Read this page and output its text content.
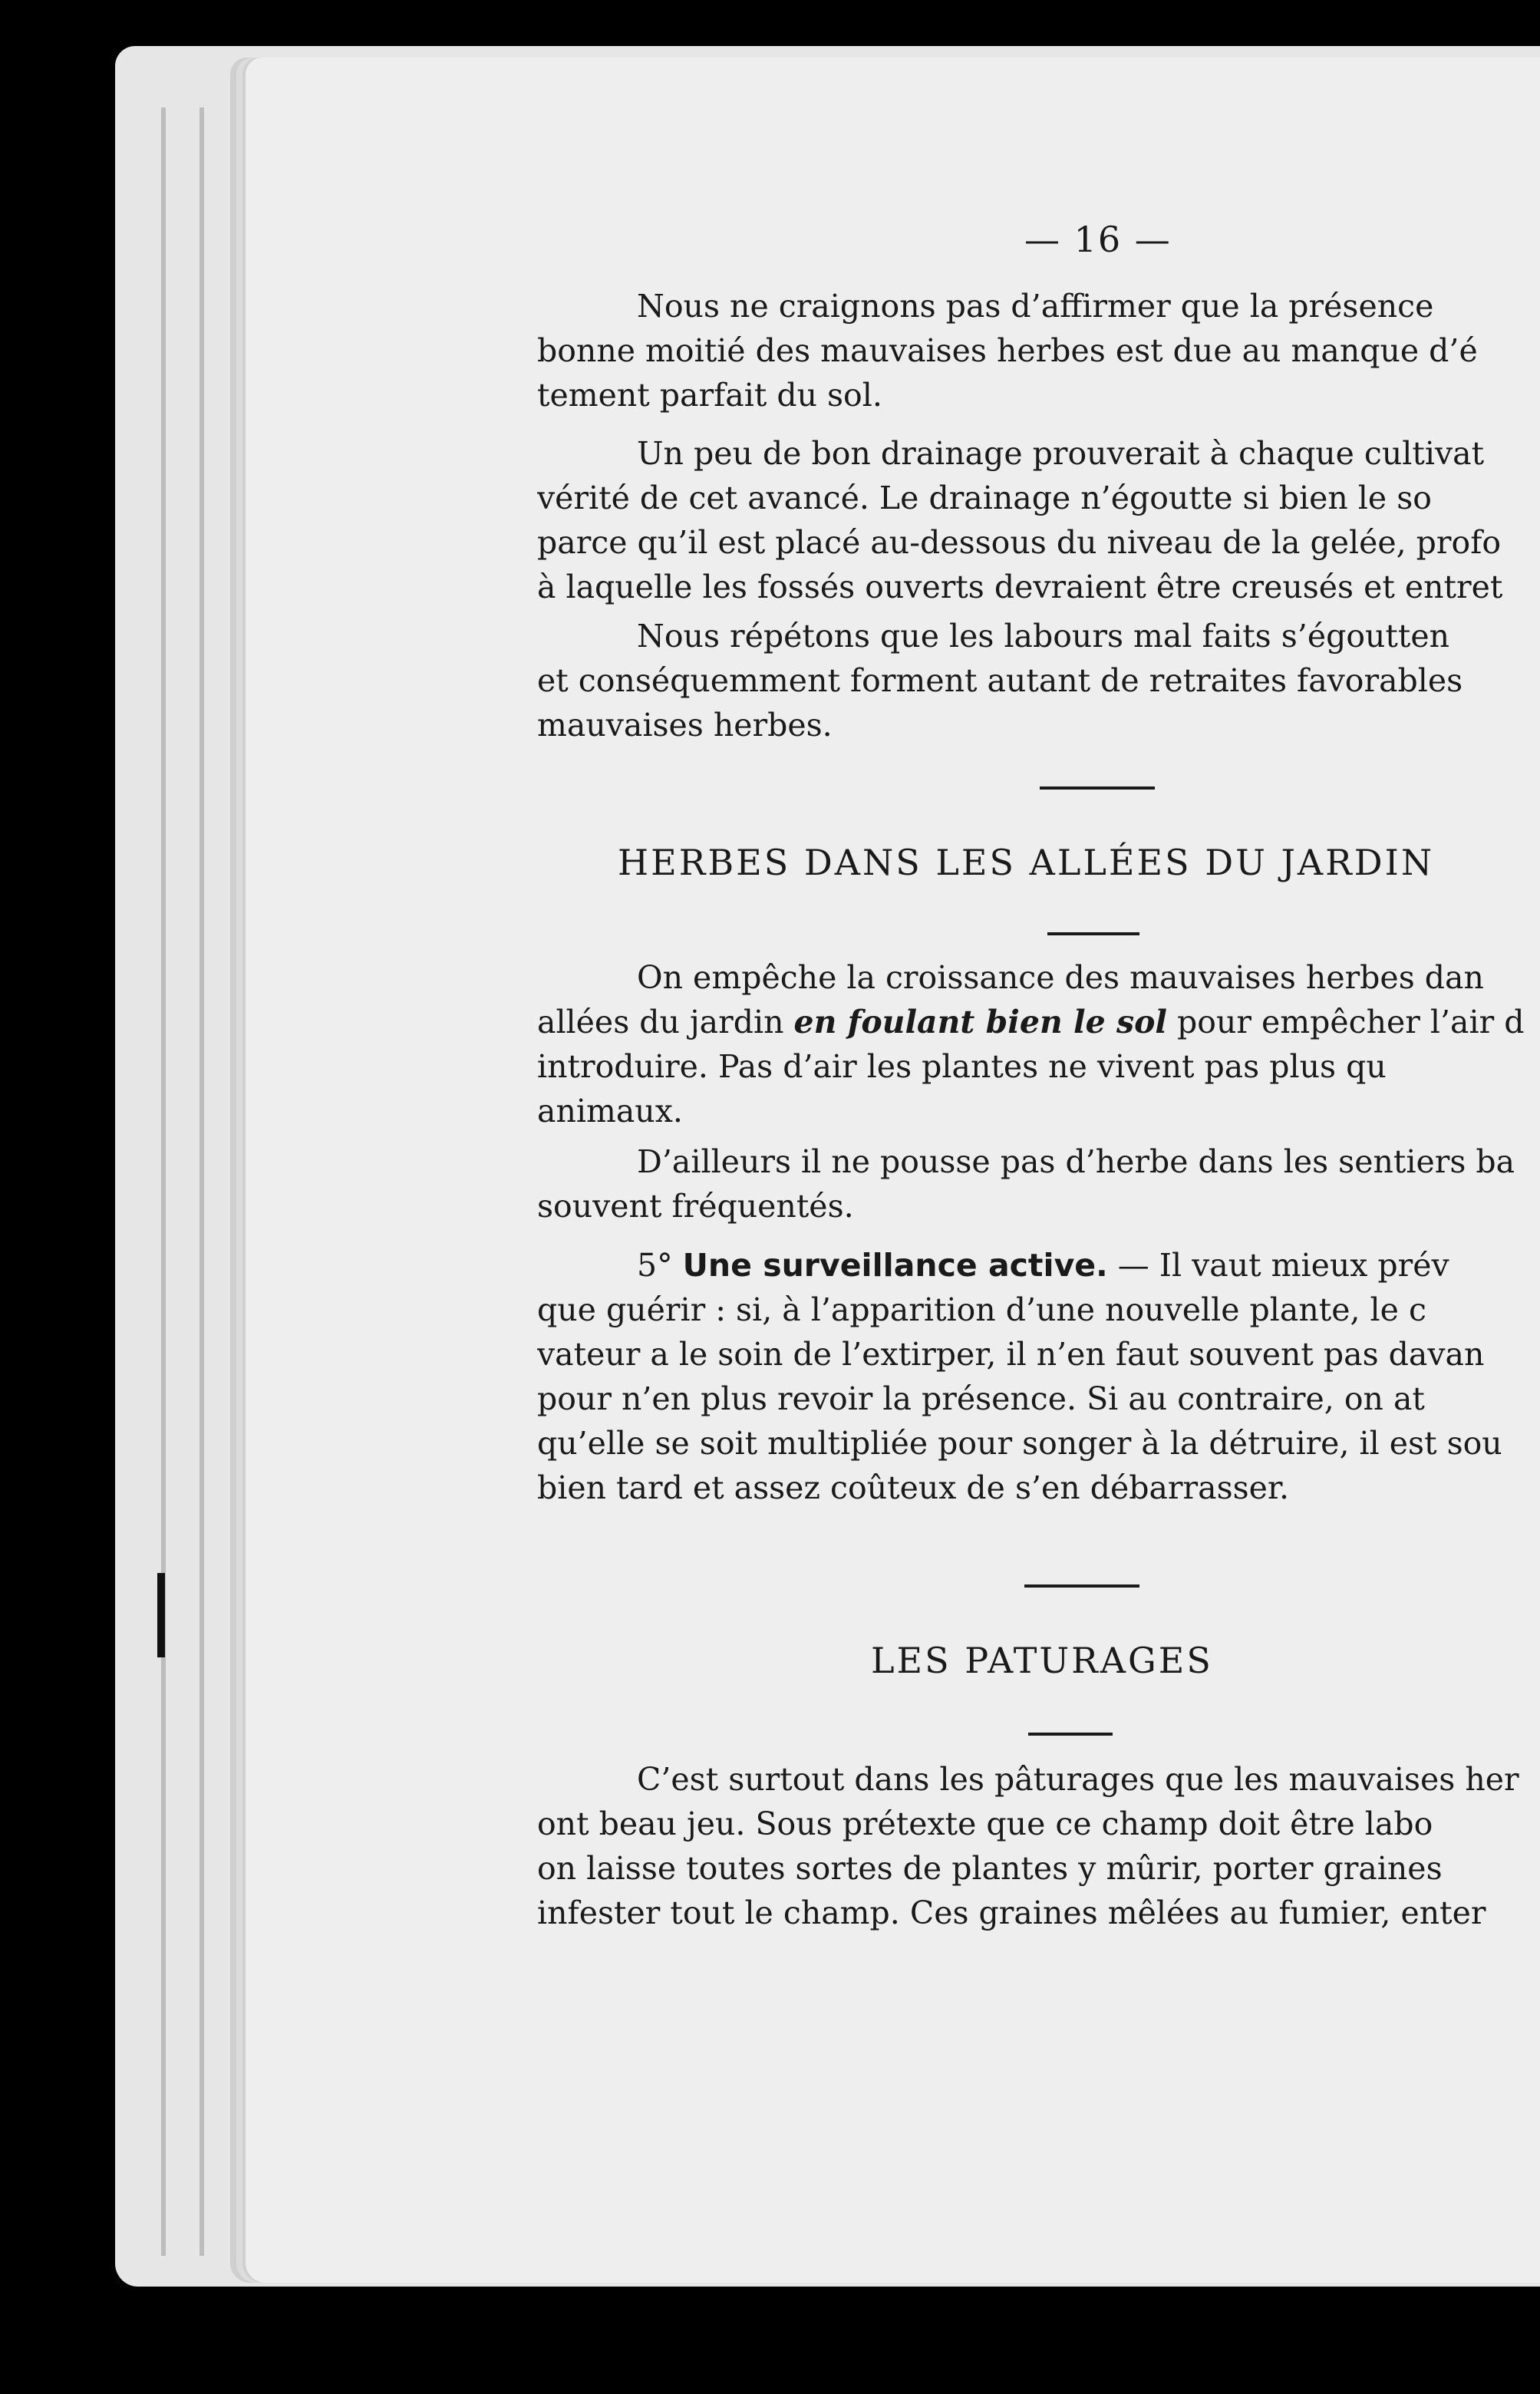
— 16 —

Nous ne craignons pas d’affirmer que la présence

bonne moitié des mauvaises herbes est due au manque d’é

tement parfait du sol.

Un peu de bon drainage prouverait à chaque cultivat

vérité de cet avancé. Le drainage n’égoutte si bien le so

parce qu’il est placé au-dessous du niveau de la gelée, profo

à laquelle les fossés ouverts devraient être creusés et entret

Nous répétons que les labours mal faits s’égoutten

et conséquemment forment autant de retraites favorables

mauvaises herbes.

HERBES DANS LES ALLÉES DU JARDIN

On empêche la croissance des mauvaises herbes dan

allées du jardin en foulant bien le sol pour empêcher l’air d

introduire. Pas d’air les plantes ne vivent pas plus qu

animaux.

D’ailleurs il ne pousse pas d’herbe dans les sentiers ba

souvent fréquentés.

5° Une surveillance active. — Il vaut mieux prév

que guérir : si, à l’apparition d’une nouvelle plante, le c

vateur a le soin de l’extirper, il n’en faut souvent pas davan

pour n’en plus revoir la présence. Si au contraire, on at

qu’elle se soit multipliée pour songer à la détruire, il est sou

bien tard et assez coûteux de s’en débarrasser.

LES PATURAGES

C’est surtout dans les pâturages que les mauvaises her

ont beau jeu. Sous prétexte que ce champ doit être labo

on laisse toutes sortes de plantes y mûrir, porter graines

infester tout le champ. Ces graines mêlées au fumier, enter
